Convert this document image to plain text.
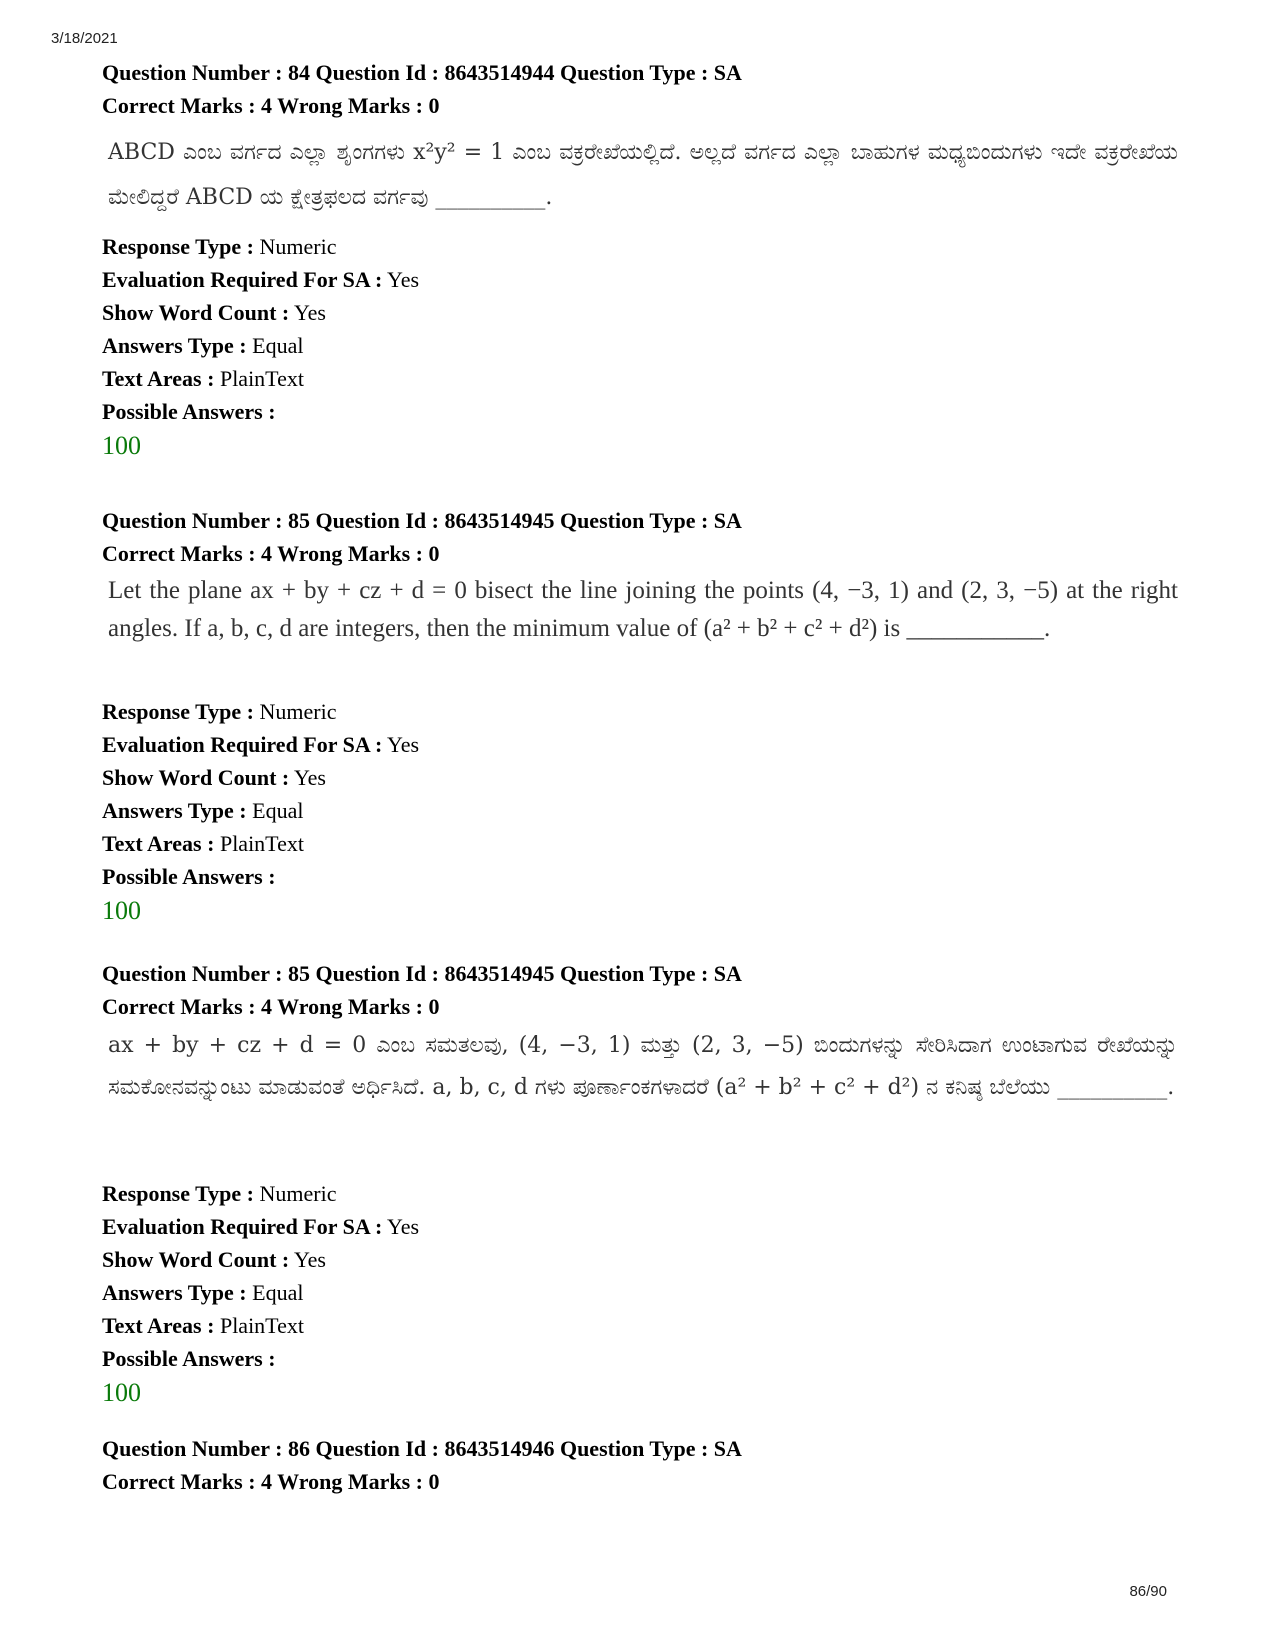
3/18/2021
Question Number : 84 Question Id : 8643514944 Question Type : SA
Correct Marks : 4 Wrong Marks : 0

ABCD ಎಂಬ ವರ್ಗದ ಎಲ್ಲಾ ಶೃಂಗಗಳು x²y² = 1 ಎಂಬ ವಕ್ರರೇಖೆಯಲ್ಲಿದೆ. ಅಲ್ಲದೆ ವರ್ಗದ ಎಲ್ಲಾ ಬಾಹುಗಳ ಮಧ್ಯಬಿಂದುಗಳು ಇದೇ ವಕ್ರರೇಖೆಯ ಮೇಲಿದ್ದರೆ ABCD ಯ ಕ್ಷೇತ್ರಫಲದ ವರ್ಗವು __________.

Response Type : Numeric
Evaluation Required For SA : Yes
Show Word Count : Yes
Answers Type : Equal
Text Areas : PlainText
Possible Answers :
100
Question Number : 85 Question Id : 8643514945 Question Type : SA
Correct Marks : 4 Wrong Marks : 0

Let the plane ax + by + cz + d = 0 bisect the line joining the points (4, −3, 1) and (2, 3, −5) at the right angles. If a, b, c, d are integers, then the minimum value of (a² + b² + c² + d²) is ___________.

Response Type : Numeric
Evaluation Required For SA : Yes
Show Word Count : Yes
Answers Type : Equal
Text Areas : PlainText
Possible Answers :
100
Question Number : 85 Question Id : 8643514945 Question Type : SA
Correct Marks : 4 Wrong Marks : 0

ax + by + cz + d = 0 ಎಂಬ ಸಮತಲವು, (4, −3, 1) ಮತ್ತು (2, 3, −5) ಬಿಂದುಗಳನ್ನು ಸೇರಿಸಿದಾಗ ಉಂಟಾಗುವ ರೇಖೆಯನ್ನು ಸಮಕೋನವನ್ನುಂಟು ಮಾಡುವಂತೆ ಅರ್ಧಿಸಿದೆ. a, b, c, d ಗಳು ಪೂರ್ಣಾಂಕಗಳಾದರೆ (a² + b² + c² + d²) ನ ಕನಿಷ್ಠ ಬೆಲೆಯು __________.

Response Type : Numeric
Evaluation Required For SA : Yes
Show Word Count : Yes
Answers Type : Equal
Text Areas : PlainText
Possible Answers :
100
Question Number : 86 Question Id : 8643514946 Question Type : SA
Correct Marks : 4 Wrong Marks : 0
86/90
